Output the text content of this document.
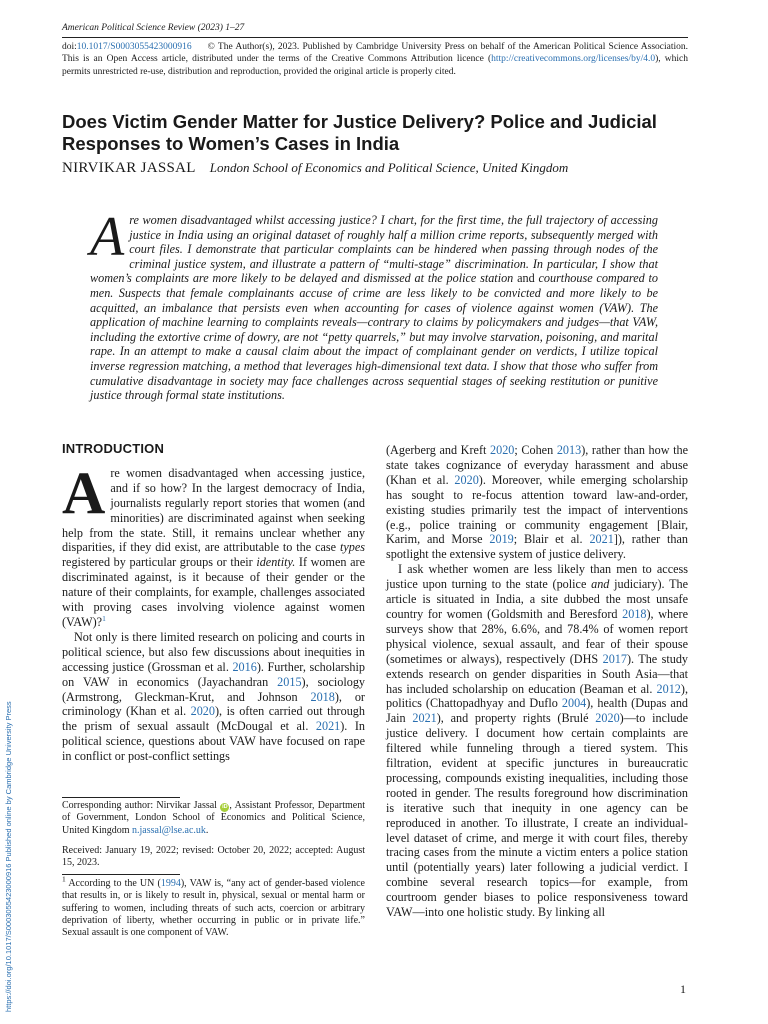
American Political Science Review (2023) 1–27
doi:10.1017/S0003055423000916 © The Author(s), 2023. Published by Cambridge University Press on behalf of the American Political Science Association. This is an Open Access article, distributed under the terms of the Creative Commons Attribution licence (http://creativecommons.org/licenses/by/4.0), which permits unrestricted re-use, distribution and reproduction, provided the original article is properly cited.
Does Victim Gender Matter for Justice Delivery? Police and Judicial Responses to Women’s Cases in India
NIRVIKAR JASSAL London School of Economics and Political Science, United Kingdom

Are women disadvantaged whilst accessing justice? I chart, for the first time, the full trajectory of accessing justice in India using an original dataset of roughly half a million crime reports, subsequently merged with court files. I demonstrate that particular complaints can be hindered when passing through nodes of the criminal justice system, and illustrate a pattern of “multi-stage” discrimination. In particular, I show that women’s complaints are more likely to be delayed and dismissed at the police station and courthouse compared to men. Suspects that female complainants accuse of crime are less likely to be convicted and more likely to be acquitted, an imbalance that persists even when accounting for cases of violence against women (VAW). The application of machine learning to complaints reveals—contrary to claims by policymakers and judges—that VAW, including the extortive crime of dowry, are not “petty quarrels,” but may involve starvation, poisoning, and marital rape. In an attempt to make a causal claim about the impact of complainant gender on verdicts, I utilize topical inverse regression matching, a method that leverages high-dimensional text data. I show that those who suffer from cumulative disadvantage in society may face challenges across sequential stages of seeking restitution or punitive justice through formal state institutions.

INTRODUCTION

Are women disadvantaged when accessing justice, and if so how? In the largest democracy of India, journalists regularly report stories that women (and minorities) are discriminated against when seeking help from the state. Still, it remains unclear whether any disparities, if they did exist, are attributable to the case types registered by particular groups or their identity. If women are discriminated against, is it because of their gender or the nature of their complaints, for example, challenges associated with proving cases involving violence against women (VAW)?$^1$

Not only is there limited research on policing and courts in political science, but also few discussions about inequities in accessing justice (Grossman et al. 2016). Further, scholarship on VAW in economics (Jayachandran 2015), sociology (Armstrong, Gleckman-Krut, and Johnson 2018), or criminology (Khan et al. 2020), is often carried out through the prism of sexual assault (McDougal et al. 2021). In political science, questions about VAW have focused on rape in conflict or post-conflict settings

Corresponding author: Nirvikar Jassal iD , Assistant Professor, Department of Government, London School of Economics and Political Science, United Kingdom n.jassal@lse.ac.uk.
Received: January 19, 2022; revised: October 20, 2022; accepted: August 15, 2023.
$^1$ According to the UN (1994), VAW is, “any act of gender-based violence that results in, or is likely to result in, physical, sexual or mental harm or suffering to women, including threats of such acts, coercion or arbitrary deprivation of liberty, whether occurring in public or in private life.” Sexual assault is one component of VAW.

(Agerberg and Kreft 2020; Cohen 2013), rather than how the state takes cognizance of everyday harassment and abuse (Khan et al. 2020). Moreover, while emerging scholarship has sought to re-focus attention toward law-and-order, existing studies primarily test the impact of interventions (e.g., police training or community engagement [Blair, Karim, and Morse 2019; Blair et al. 2021]), rather than spotlight the extensive system of justice delivery.

I ask whether women are less likely than men to access justice upon turning to the state (police and judiciary). The article is situated in India, a site dubbed the most unsafe country for women (Goldsmith and Beresford 2018), where surveys show that 28%, 6.6%, and 78.4% of women report physical violence, sexual assault, and fear of their spouse (sometimes or always), respectively (DHS 2017). The study extends research on gender disparities in South Asia—that has included scholarship on education (Beaman et al. 2012), politics (Chattopadhyay and Duflo 2004), health (Dupas and Jain 2021), and property rights (Brulé 2020)—to include justice delivery. I document how certain complaints are filtered while funneling through a tiered system. This filtration, evident at specific junctures in bureaucratic processing, compounds existing inequalities, including those rooted in gender. The results foreground how discrimination is iterative such that inequity in one agency can be reproduced in another. To illustrate, I create an individual-level dataset of crime, and merge it with court files, thereby tracing cases from the minute a victim enters a police station until (potentially years) later following a judicial verdict. I combine several research topics—for example, from courtroom gender biases to police responsiveness toward VAW—into one holistic study. By linking all

https://doi.org/10.1017/S0003055423000916 Published online by Cambridge University Press	1
